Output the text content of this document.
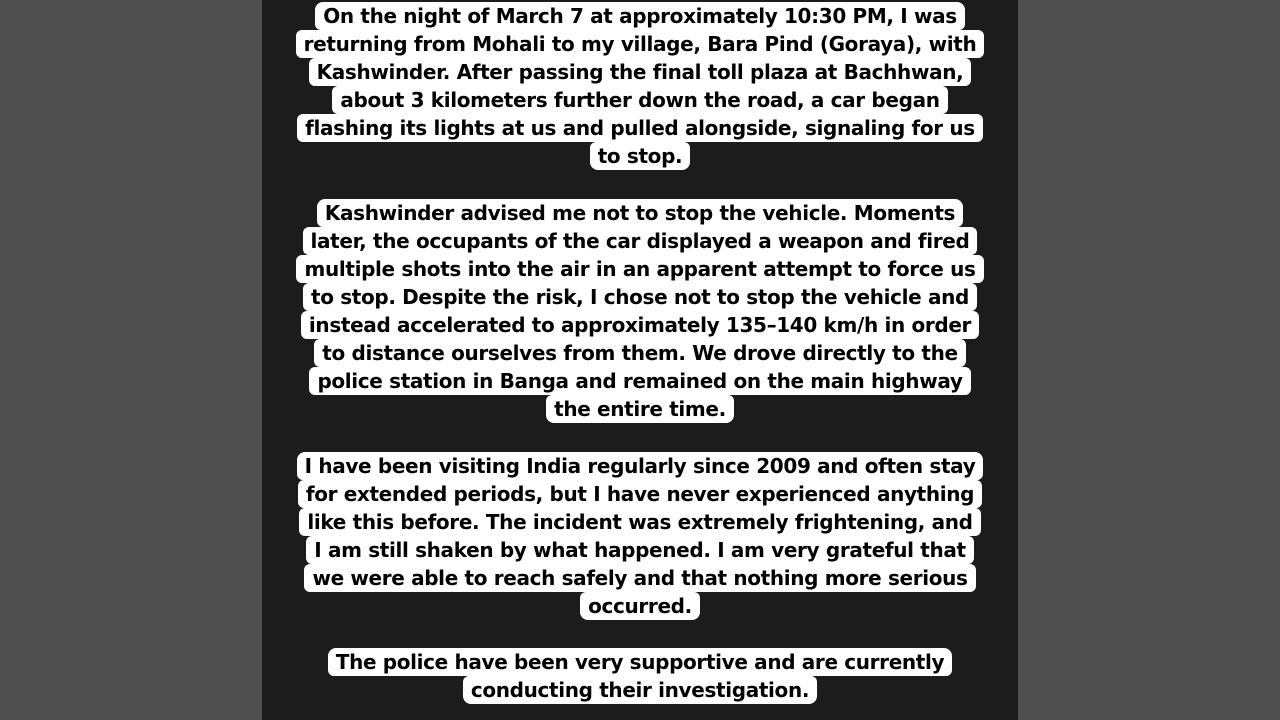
On the night of March 7 at approximately 10:30 PM, I was
returning from Mohali to my village, Bara Pind (Goraya), with
Kashwinder. After passing the final toll plaza at Bachhwan,
about 3 kilometers further down the road, a car began
flashing its lights at us and pulled alongside, signaling for us
to stop.
Kashwinder advised me not to stop the vehicle. Moments
later, the occupants of the car displayed a weapon and fired
multiple shots into the air in an apparent attempt to force us
to stop. Despite the risk, I chose not to stop the vehicle and
instead accelerated to approximately 135–140 km/h in order
to distance ourselves from them. We drove directly to the
police station in Banga and remained on the main highway
the entire time.
I have been visiting India regularly since 2009 and often stay
for extended periods, but I have never experienced anything
like this before. The incident was extremely frightening, and
I am still shaken by what happened. I am very grateful that
we were able to reach safely and that nothing more serious
occurred.
The police have been very supportive and are currently
conducting their investigation.
